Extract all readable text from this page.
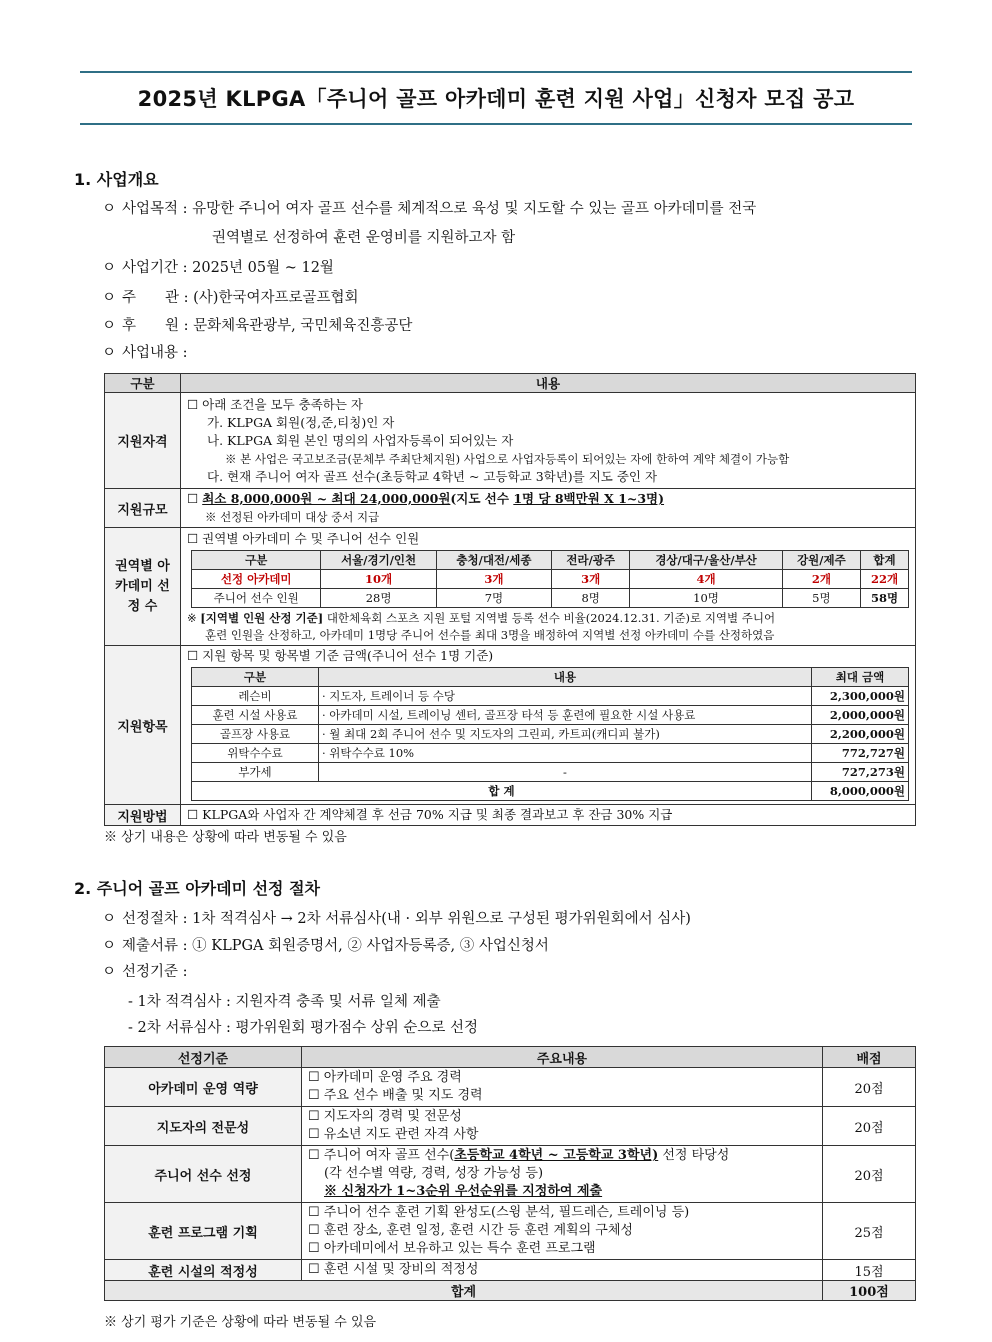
2025년 KLPGA「주니어 골프 아카데미 훈련 지원 사업」신청자 모집 공고
1. 사업개요
ㅇ 사업목적 : 유망한 주니어 여자 골프 선수를 체계적으로 육성 및 지도할 수 있는 골프 아카데미를 전국
권역별로 선정하여 훈련 운영비를 지원하고자 함
ㅇ 사업기간 : 2025년 05월 ~ 12월
ㅇ 주　　관 : (사)한국여자프로골프협회
ㅇ 후　　원 : 문화체육관광부, 국민체육진흥공단
ㅇ 사업내용 :
구분	내용
지원자격	
☐ 아래 조건을 모두 충족하는 자
가. KLPGA 회원(정,준,티칭)인 자
나. KLPGA 회원 본인 명의의 사업자등록이 되어있는 자
※ 본 사업은 국고보조금(문체부 주최단체지원) 사업으로 사업자등록이 되어있는 자에 한하여 계약 체결이 가능함
다. 현재 주니어 여자 골프 선수(초등학교 4학년 ~ 고등학교 3학년)를 지도 중인 자

지원규모	
☐ 최소 8,000,000원 ~ 최대 24,000,000원(지도 선수 1명 당 8백만원 X 1~3명)
※ 선정된 아카데미 대상 중서 지급

권역별 아카데미 선정 수	
☐ 권역별 아카데미 수 및 주니어 선수 인원
구분	서울/경기/인천	충청/대전/세종	전라/광주	경상/대구/울산/부산	강원/제주	합계
선정 아카데미	10개	3개	3개	4개	2개	22개
주니어 선수 인원	28명	7명	8명	10명	5명	58명
※ [지역별 인원 산정 기준] 대한체육회 스포츠 지원 포털 지역별 등록 선수 비율(2024.12.31. 기준)로 지역별 주니어
훈련 인원을 산정하고, 아카데미 1명당 주니어 선수를 최대 3명을 배정하여 지역별 선정 아카데미 수를 산정하였음

지원항목	
☐ 지원 항목 및 항목별 기준 금액(주니어 선수 1명 기준)
구분	내용	최대 금액
레슨비	· 지도자, 트레이너 등 수당	2,300,000원
훈련 시설 사용료	· 아카데미 시설, 트레이닝 센터, 골프장 타석 등 훈련에 필요한 시설 사용료	2,000,000원
골프장 사용료	· 월 최대 2회 주니어 선수 및 지도자의 그린피, 카트피(캐디피 불가)	2,200,000원
위탁수수료	· 위탁수수료 10%	772,727원
부가세	-	727,273원
합 계	8,000,000원

지원방법	☐ KLPGA와 사업자 간 계약체결 후 선금 70% 지급 및 최종 결과보고 후 잔금 30% 지급
※ 상기 내용은 상황에 따라 변동될 수 있음
2. 주니어 골프 아카데미 선정 절차
ㅇ 선정절차 : 1차 적격심사 → 2차 서류심사(내 · 외부 위원으로 구성된 평가위원회에서 심사)
ㅇ 제출서류 : ① KLPGA 회원증명서, ② 사업자등록증, ③ 사업신청서
ㅇ 선정기준 :
- 1차 적격심사 : 지원자격 충족 및 서류 일체 제출
- 2차 서류심사 : 평가위원회 평가점수 상위 순으로 선정
선정기준	주요내용	배점
아카데미 운영 역량	☐ 아카데미 운영 주요 경력
☐ 주요 선수 배출 및 지도 경력	20점
지도자의 전문성	☐ 지도자의 경력 및 전문성
☐ 유소년 지도 관련 자격 사항	20점
주니어 선수 선정	☐ 주니어 여자 골프 선수(초등학교 4학년 ~ 고등학교 3학년) 선정 타당성
(각 선수별 역량, 경력, 성장 가능성 등)
※ 신청자가 1~3순위 우선순위를 지정하여 제출	20점
훈련 프로그램 기획	☐ 주니어 선수 훈련 기획 완성도(스윙 분석, 필드레슨, 트레이닝 등)
☐ 훈련 장소, 훈련 일정, 훈련 시간 등 훈련 계획의 구체성
☐ 아카데미에서 보유하고 있는 특수 훈련 프로그램	25점
훈련 시설의 적정성	☐ 훈련 시설 및 장비의 적정성	15점
합계		100점
※ 상기 평가 기준은 상황에 따라 변동될 수 있음
